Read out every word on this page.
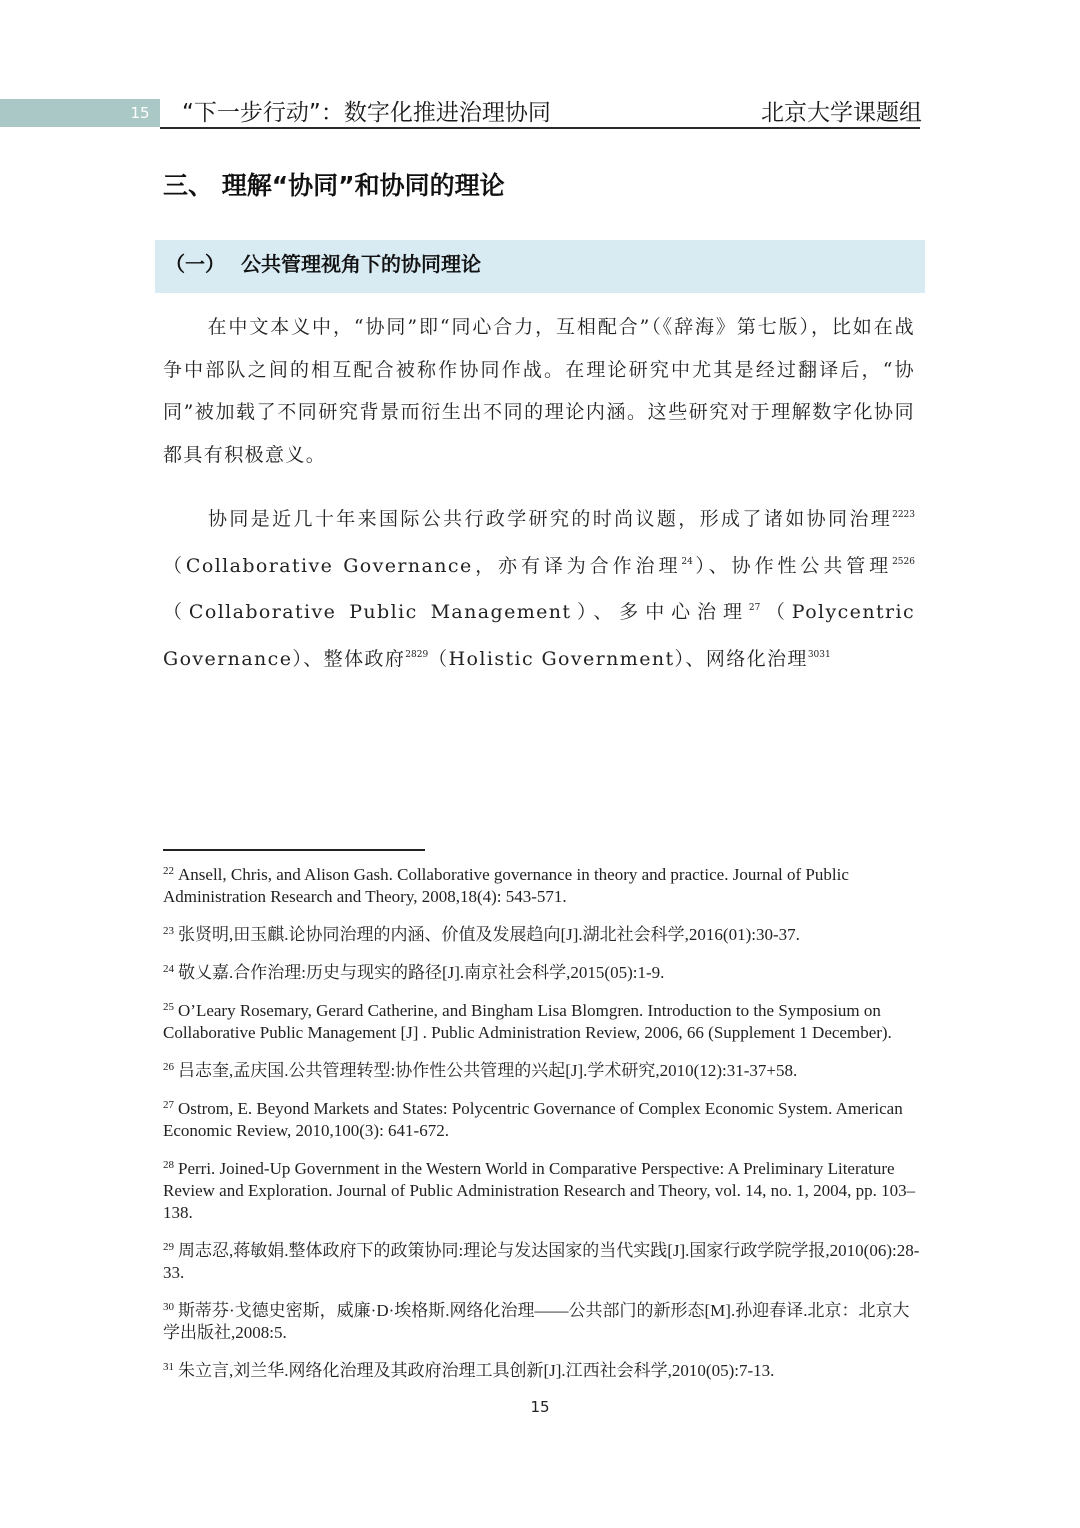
15	“下一步行动”：数字化推进治理协同	北京大学课题组
三、 理解“协同”和协同的理论
（一） 公共管理视角下的协同理论

在中文本义中，“协同”即“同心合力，互相配合”（《辞海》第七版），比如在战争中部队之间的相互配合被称作协同作战。在理论研究中尤其是经过翻译后，“协同”被加载了不同研究背景而衍生出不同的理论内涵。这些研究对于理解数字化协同都具有积极意义。

协同是近几十年来国际公共行政学研究的时尚议题，形成了诸如协同治理$^{2223}$（Collaborative Governance，亦有译为合作治理$^{24}$）、协作性公共管理$^{2526}$（Collaborative Public Management）、多中心治理$^{27}$（Polycentric Governance）、整体政府$^{2829}$（Holistic Government）、网络化治理$^{3031}$

$^{22}$ Ansell, Chris, and Alison Gash. Collaborative governance in theory and practice. Journal of Public Administration Research and Theory, 2008,18(4): 543-571.
$^{23}$ 张贤明,田玉麒.论协同治理的内涵、价值及发展趋向[J].湖北社会科学,2016(01):30-37.
$^{24}$ 敬乂嘉.合作治理:历史与现实的路径[J].南京社会科学,2015(05):1-9.
$^{25}$ O’Leary Rosemary, Gerard Catherine, and Bingham Lisa Blomgren. Introduction to the Symposium on Collaborative Public Management [J] . Public Administration Review, 2006, 66 (Supplement 1 December).
$^{26}$ 吕志奎,孟庆国.公共管理转型:协作性公共管理的兴起[J].学术研究,2010(12):31-37+58.
$^{27}$ Ostrom, E. Beyond Markets and States: Polycentric Governance of Complex Economic System. American Economic Review, 2010,100(3): 641-672.
$^{28}$ Perri. Joined-Up Government in the Western World in Comparative Perspective: A Preliminary Literature Review and Exploration. Journal of Public Administration Research and Theory, vol. 14, no. 1, 2004, pp. 103–138.
$^{29}$ 周志忍,蒋敏娟.整体政府下的政策协同:理论与发达国家的当代实践[J].国家行政学院学报,2010(06):28-33.
$^{30}$ 斯蒂芬·戈德史密斯，威廉·D·埃格斯.网络化治理——公共部门的新形态[M].孙迎春译.北京：北京大学出版社,2008:5.
$^{31}$ 朱立言,刘兰华.网络化治理及其政府治理工具创新[J].江西社会科学,2010(05):7-13.
15
